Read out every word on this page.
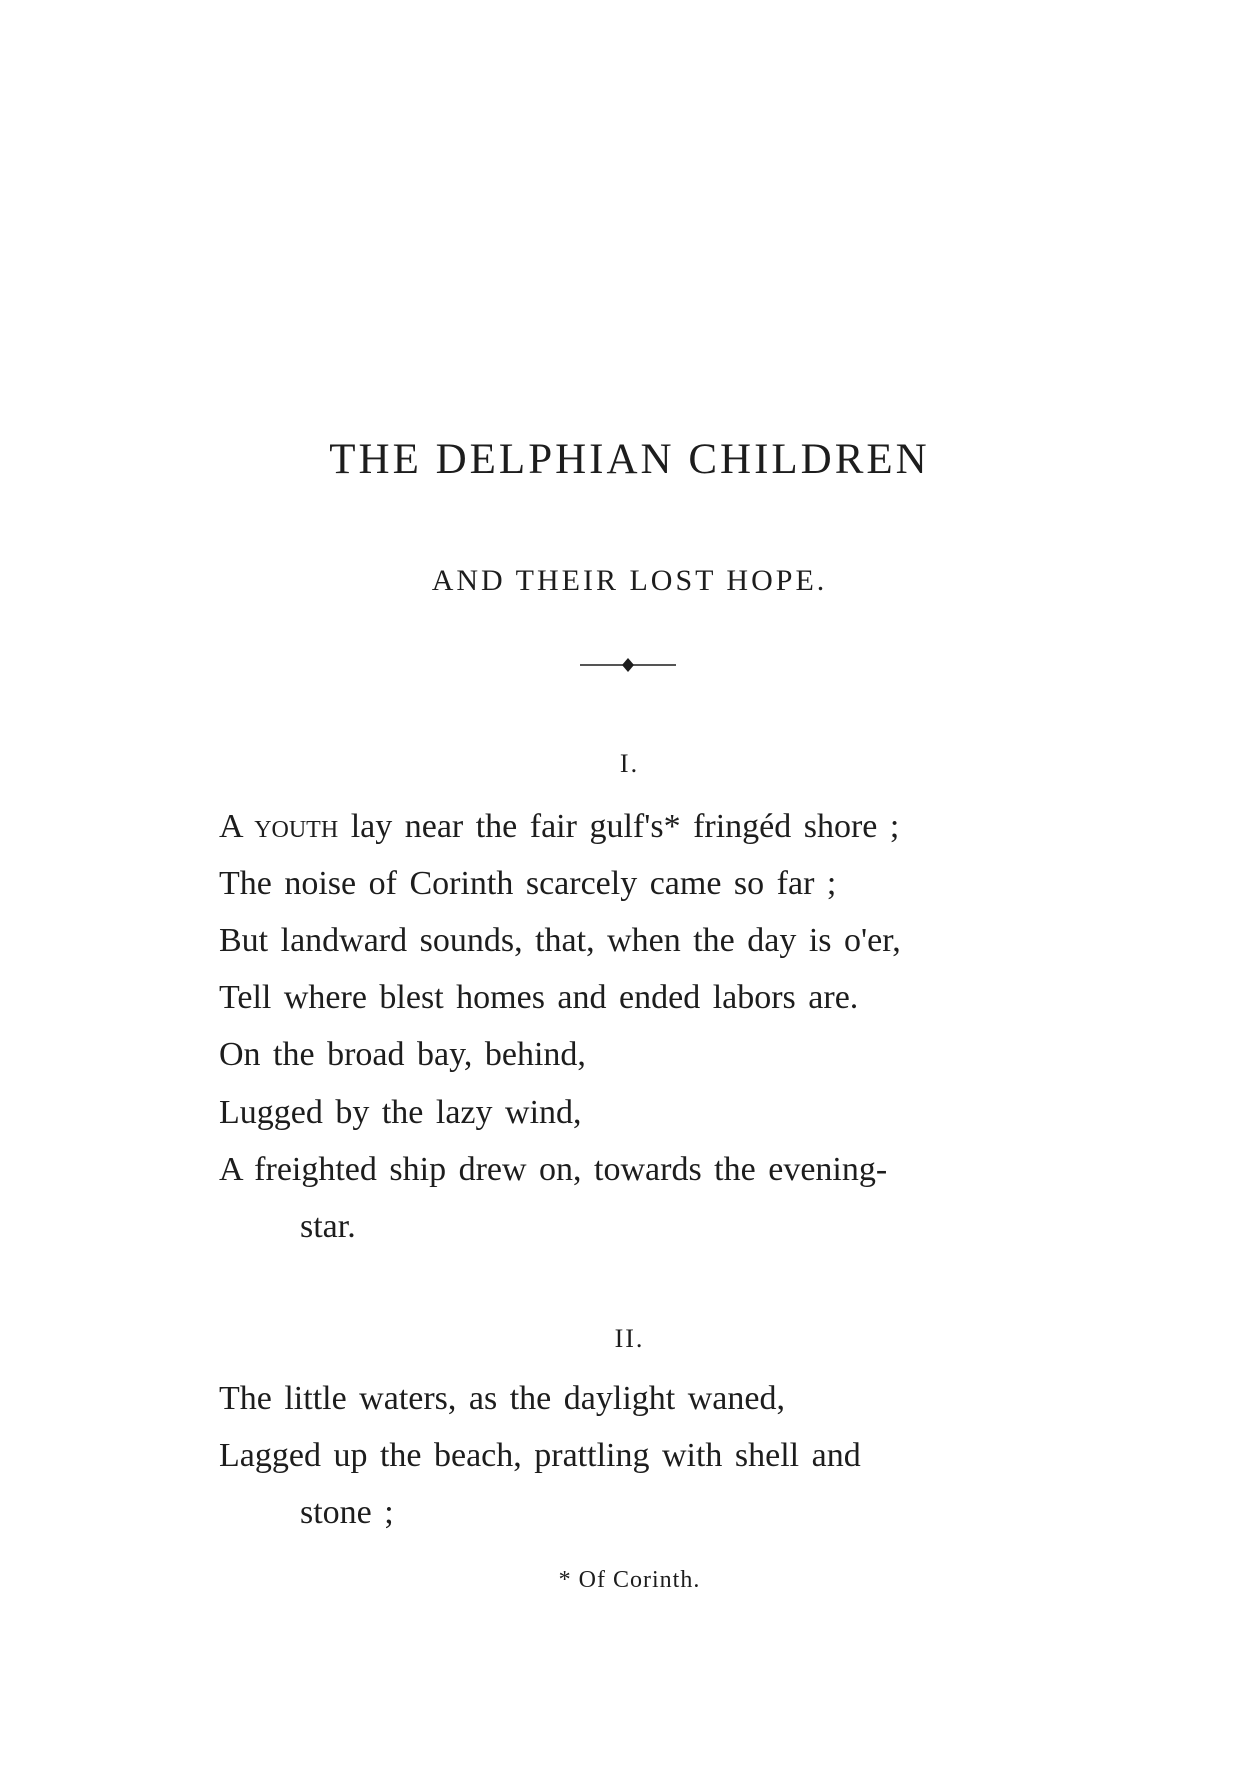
THE DELPHIAN CHILDREN
AND THEIR LOST HOPE.
I.
A youth lay near the fair gulf's* fringéd shore ;
The noise of Corinth scarcely came so far ;
But landward sounds, that, when the day is o'er,
Tell where blest homes and ended labors are.
On the broad bay, behind,
Lugged by the lazy wind,
A freighted ship drew on, towards the evening-
star.
II.
The little waters, as the daylight waned,
Lagged up the beach, prattling with shell and
stone ;
* Of Corinth.
